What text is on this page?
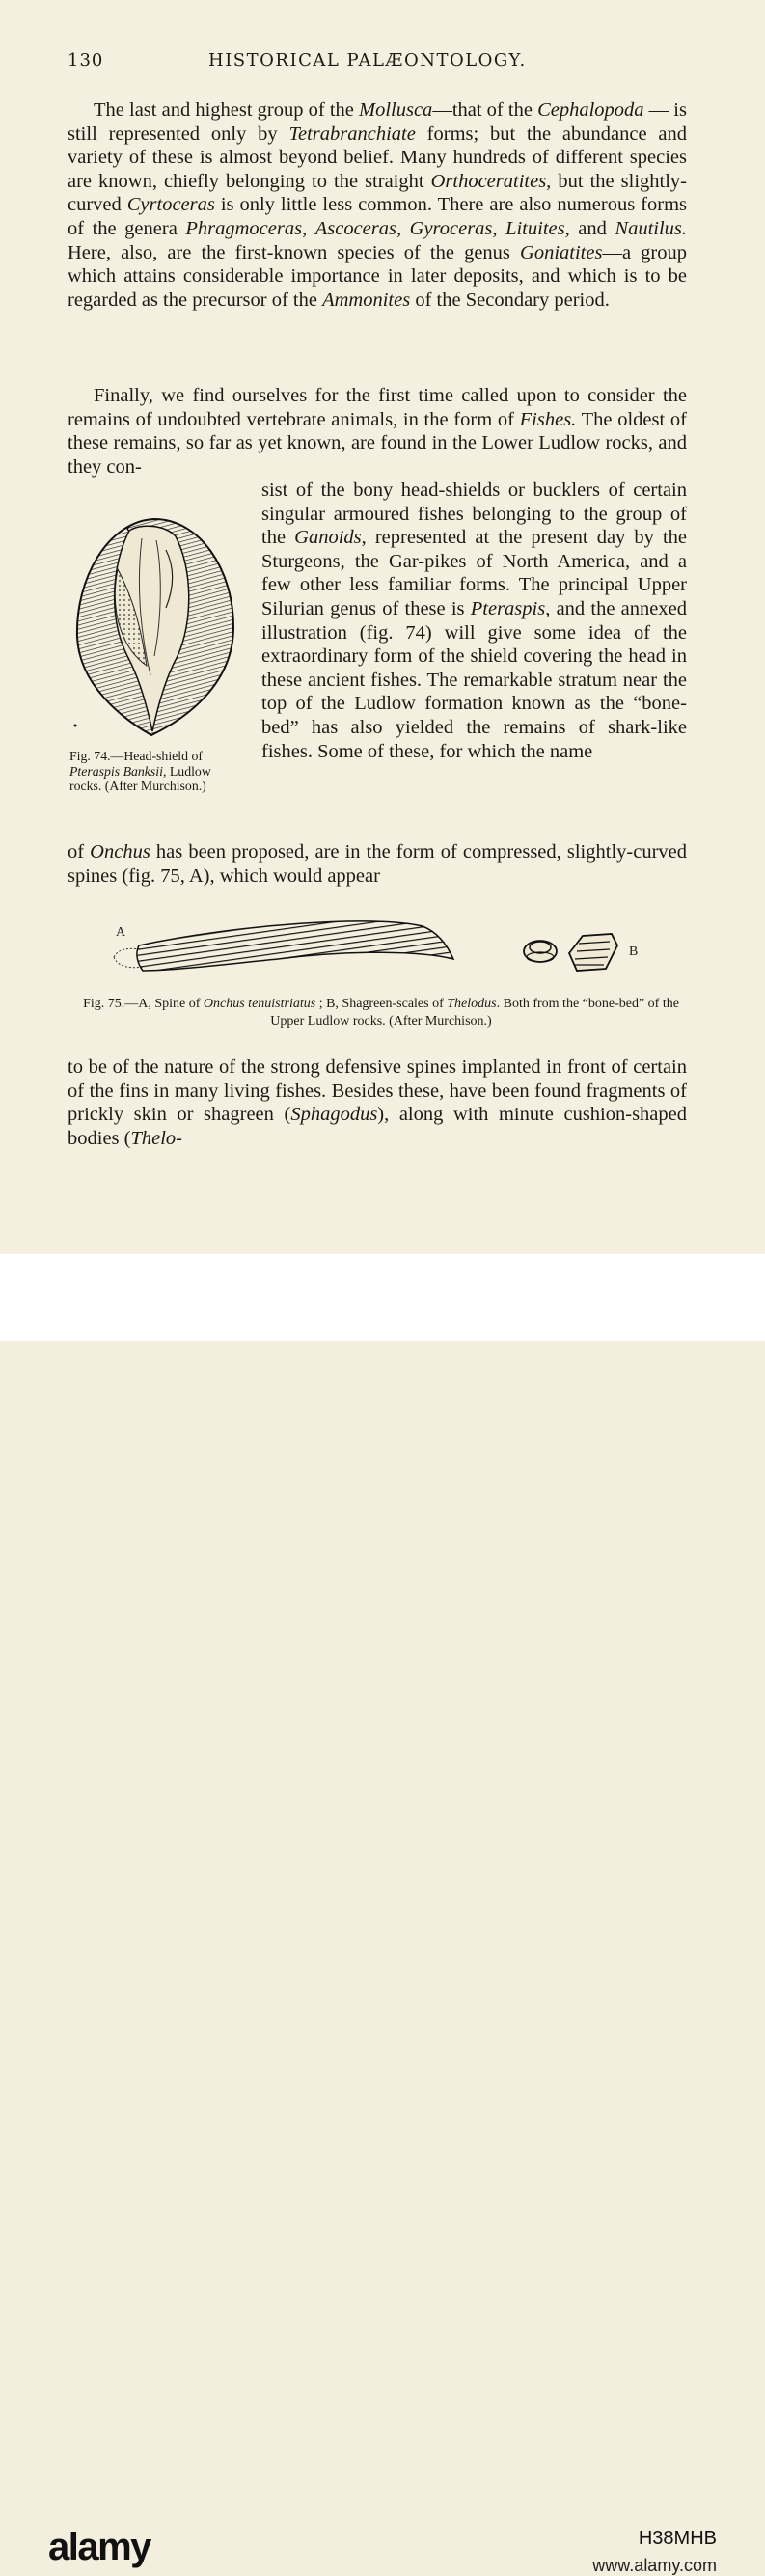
130	HISTORICAL PALÆONTOLOGY.

The last and highest group of the Mollusca—that of the Cephalopoda — is still represented only by Tetrabranchiate forms; but the abundance and variety of these is almost beyond belief. Many hundreds of different species are known, chiefly belonging to the straight Orthoceratites, but the slightly-curved Cyrtoceras is only little less common. There are also numerous forms of the genera Phragmoceras, Ascoceras, Gyroceras, Lituites, and Nautilus. Here, also, are the first-known species of the genus Goniatites—a group which attains considerable importance in later deposits, and which is to be regarded as the precursor of the Ammonites of the Secondary period.

Finally, we find ourselves for the first time called upon to consider the remains of undoubted vertebrate animals, in the form of Fishes. The oldest of these remains, so far as yet known, are found in the Lower Ludlow rocks, and they con-

Fig. 74.—Head-shield of Pteraspis Banksii, Ludlow rocks. (After Murchison.)

sist of the bony head-shields or bucklers of certain singular armoured fishes belonging to the group of the Ganoids, represented at the present day by the Sturgeons, the Gar-pikes of North America, and a few other less familiar forms. The principal Upper Silurian genus of these is Pteraspis, and the annexed illustration (fig. 74) will give some idea of the extraordinary form of the shield covering the head in these ancient fishes. The remarkable stratum near the top of the Ludlow formation known as the “bone-bed” has also yielded the remains of shark-like fishes. Some of these, for which the name

of Onchus has been proposed, are in the form of compressed, slightly-curved spines (fig. 75, A), which would appear

A
B

Fig. 75.—A, Spine of Onchus tenuistriatus ; B, Shagreen-scales of Thelodus. Both from the “bone-bed” of the Upper Ludlow rocks. (After Murchison.)

to be of the nature of the strong defensive spines implanted in front of certain of the fins in many living fishes. Besides these, have been found fragments of prickly skin or shagreen (Sphagodus), along with minute cushion-shaped bodies (Thelo-

alamy	H38MHB
www.alamy.com
